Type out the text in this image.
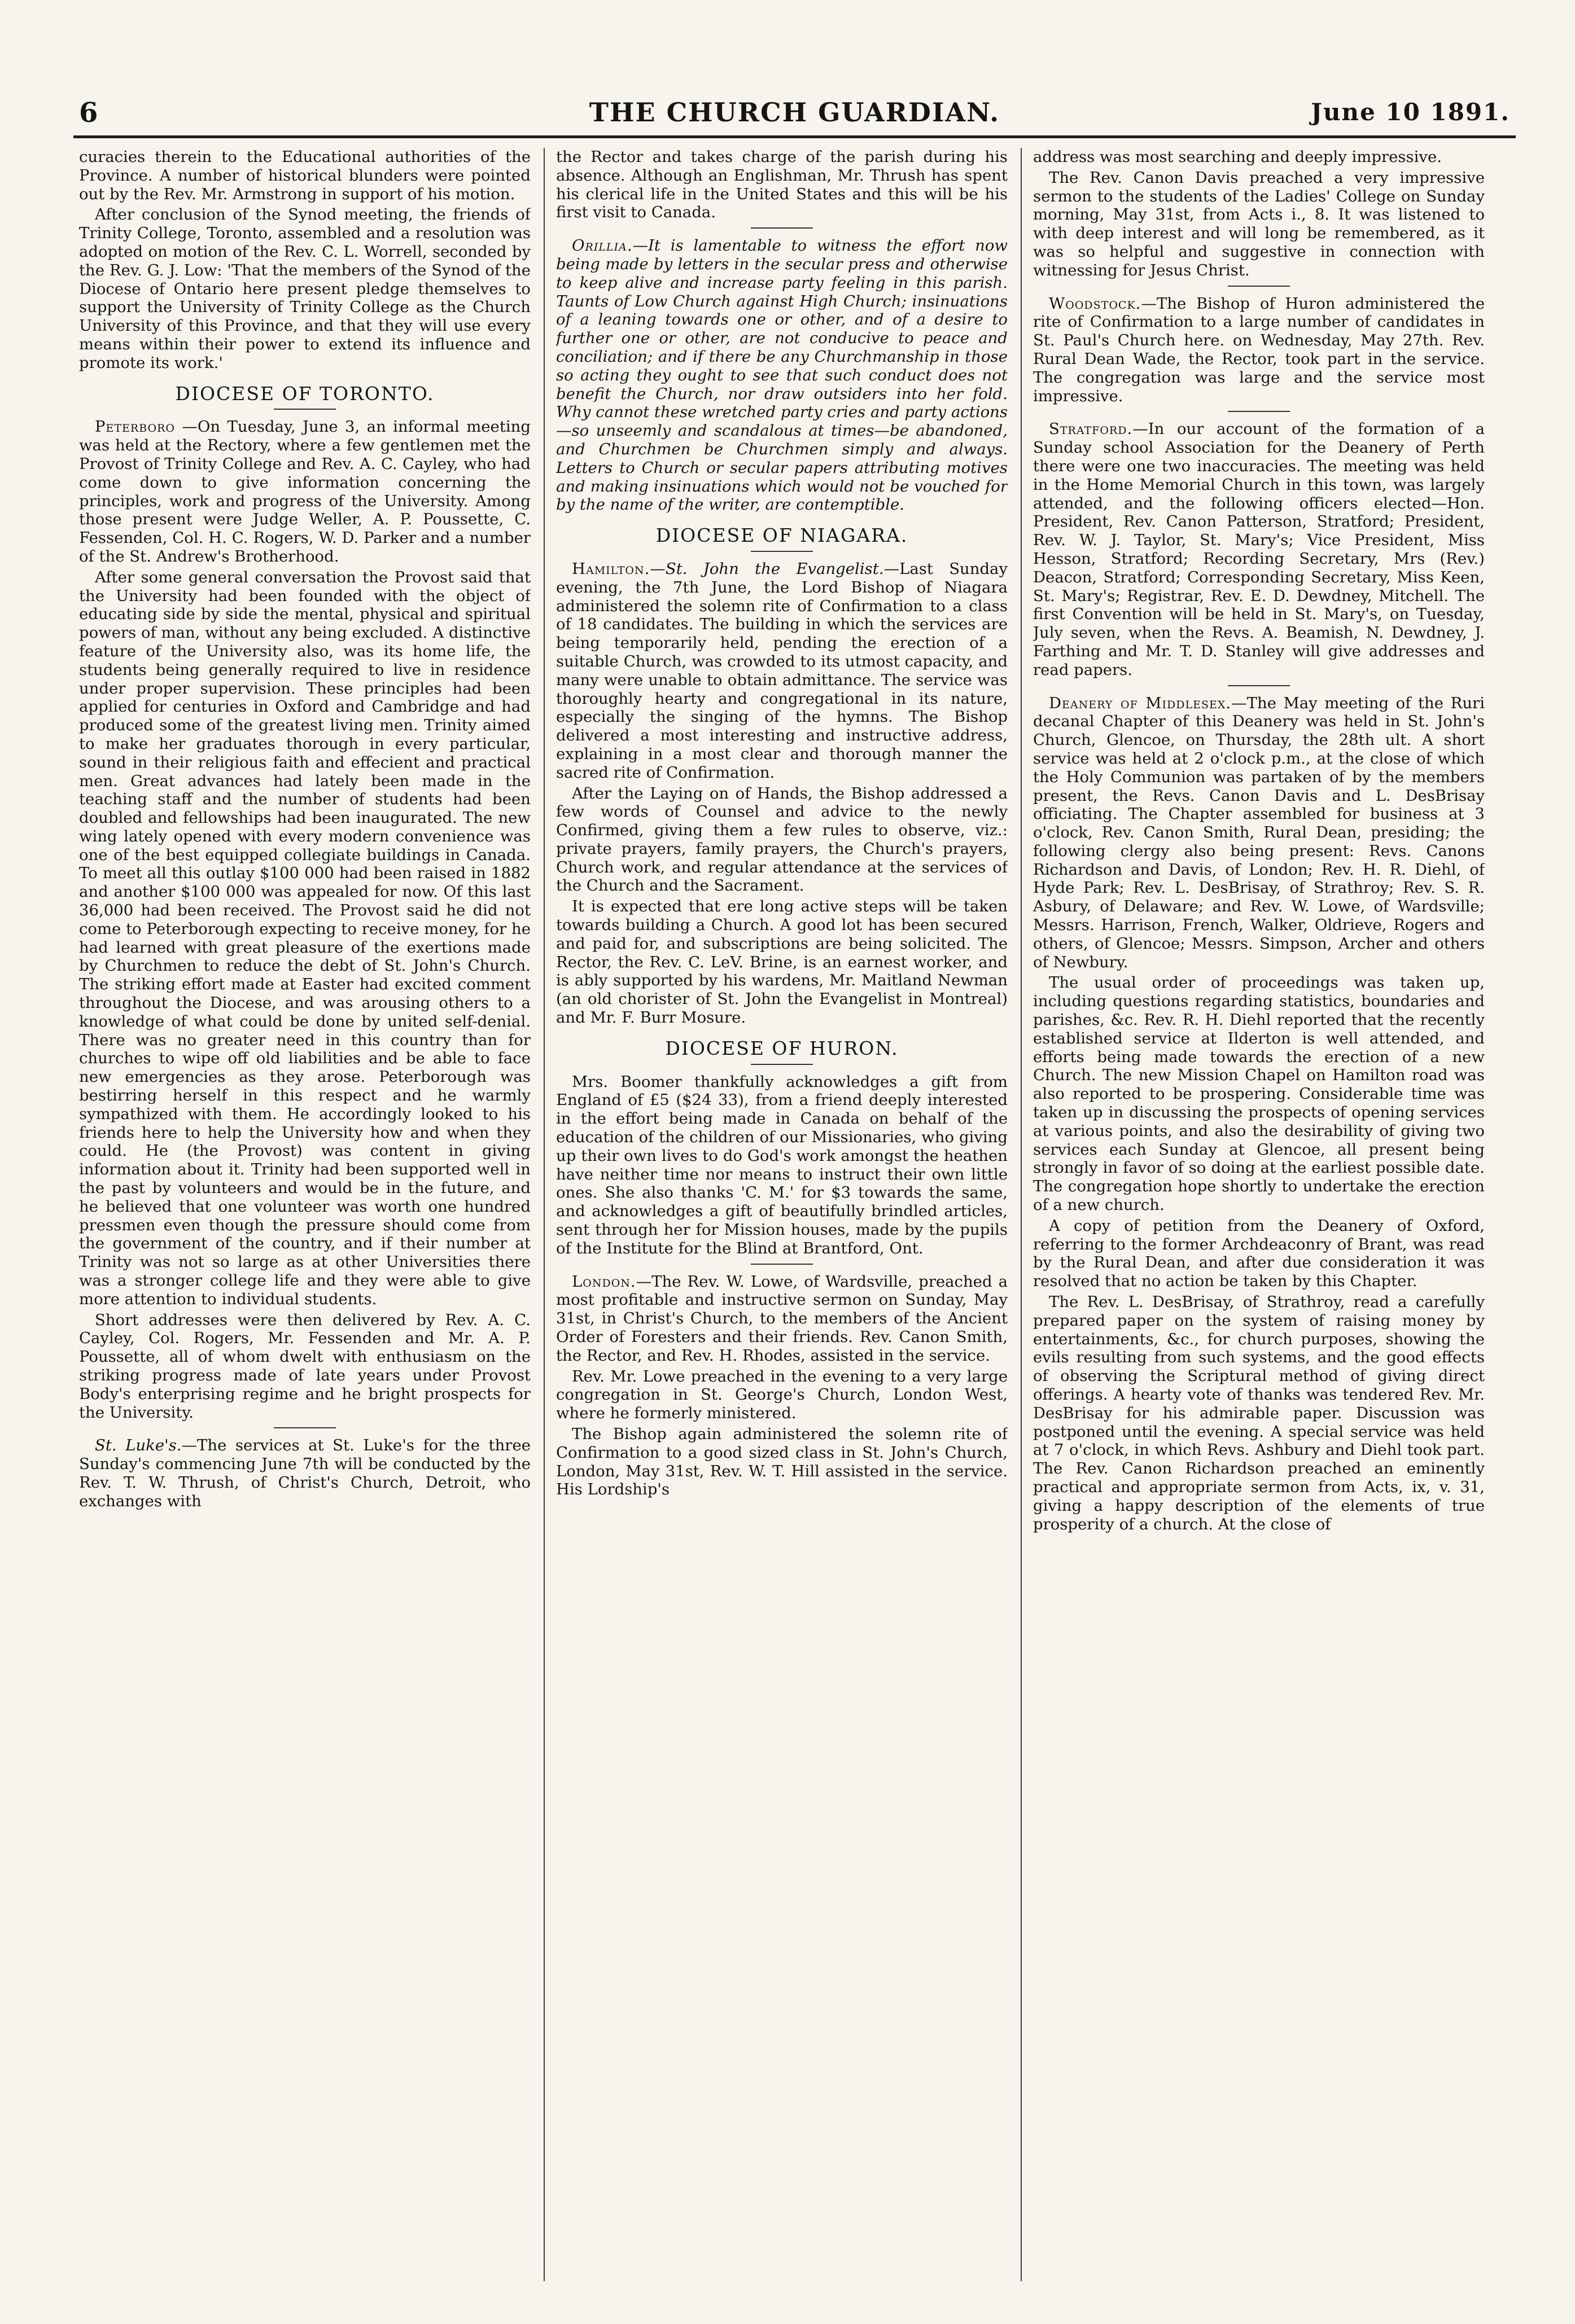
6	THE CHURCH GUARDIAN.	June 10 1891.

curacies therein to the Educational authorities of the Province. A number of historical blunders were pointed out by the Rev. Mr. Armstrong in support of his motion.

After conclusion of the Synod meeting, the friends of Trinity College, Toronto, assembled and a resolution was adopted on motion of the Rev. C. L. Worrell, seconded by the Rev. G. J. Low: 'That the members of the Synod of the Diocese of Ontario here present pledge themselves to support the University of Trinity College as the Church University of this Province, and that they will use every means within their power to extend its influence and promote its work.'

DIOCESE OF TORONTO.

Peterboro —On Tuesday, June 3, an informal meeting was held at the Rectory, where a few gentlemen met the Provost of Trinity College and Rev. A. C. Cayley, who had come down to give information concerning the principles, work and progress of the University. Among those present were Judge Weller, A. P. Poussette, C. Fessenden, Col. H. C. Rogers, W. D. Parker and a number of the St. Andrew's Brotherhood.

After some general conversation the Provost said that the University had been founded with the object of educating side by side the mental, physical and spiritual powers of man, without any being excluded. A distinctive feature of the University also, was its home life, the students being generally required to live in residence under proper supervision. These principles had been applied for centuries in Oxford and Cambridge and had produced some of the greatest living men. Trinity aimed to make her graduates thorough in every particular, sound in their religious faith and effecient and practical men. Great advances had lately been made in the teaching staff and the number of students had been doubled and fellowships had been inaugurated. The new wing lately opened with every modern convenience was one of the best equipped collegiate buildings in Canada. To meet all this outlay $100 000 had been raised in 1882 and another $100 000 was appealed for now. Of this last 36,000 had been received. The Provost said he did not come to Peterborough expecting to receive money, for he had learned with great pleasure of the exertions made by Churchmen to reduce the debt of St. John's Church. The striking effort made at Easter had excited comment throughout the Diocese, and was arousing others to a knowledge of what could be done by united self-denial. There was no greater need in this country than for churches to wipe off old liabilities and be able to face new emergencies as they arose. Peterborough was bestirring herself in this respect and he warmly sympathized with them. He accordingly looked to his friends here to help the University how and when they could. He (the Provost) was content in giving information about it. Trinity had been supported well in the past by volunteers and would be in the future, and he believed that one volunteer was worth one hundred pressmen even though the pressure should come from the government of the country, and if their number at Trinity was not so large as at other Universities there was a stronger college life and they were able to give more attention to individual students.

Short addresses were then delivered by Rev. A. C. Cayley, Col. Rogers, Mr. Fessenden and Mr. A. P. Poussette, all of whom dwelt with enthusiasm on the striking progress made of late years under Provost Body's enterprising regime and he bright prospects for the University.

St. Luke's.—The services at St. Luke's for the three Sunday's commencing June 7th will be conducted by the Rev. T. W. Thrush, of Christ's Church, Detroit, who exchanges with

the Rector and takes charge of the parish during his absence. Although an Englishman, Mr. Thrush has spent his clerical life in the United States and this will be his first visit to Canada.

Orillia.—It is lamentable to witness the effort now being made by letters in the secular press and otherwise to keep alive and increase party feeling in this parish. Taunts of Low Church against High Church; insinuations of a leaning towards one or other, and of a desire to further one or other, are not conducive to peace and conciliation; and if there be any Churchmanship in those so acting they ought to see that such conduct does not benefit the Church, nor draw outsiders into her fold. Why cannot these wretched party cries and party actions—so unseemly and scandalous at times—be abandoned, and Churchmen be Churchmen simply and always. Letters to Church or secular papers attributing motives and making insinuations which would not be vouched for by the name of the writer, are contemptible.

DIOCESE OF NIAGARA.

Hamilton.—St. John the Evangelist.—Last Sunday evening, the 7th June, the Lord Bishop of Niagara administered the solemn rite of Confirmation to a class of 18 candidates. The building in which the services are being temporarily held, pending the erection of a suitable Church, was crowded to its utmost capacity, and many were unable to obtain admittance. The service was thoroughly hearty and congregational in its nature, especially the singing of the hymns. The Bishop delivered a most interesting and instructive address, explaining in a most clear and thorough manner the sacred rite of Confirmation.

After the Laying on of Hands, the Bishop addressed a few words of Counsel and advice to the newly Confirmed, giving them a few rules to observe, viz.: private prayers, family prayers, the Church's prayers, Church work, and regular attendance at the services of the Church and the Sacrament.

It is expected that ere long active steps will be taken towards building a Church. A good lot has been secured and paid for, and subscriptions are being solicited. The Rector, the Rev. C. LeV. Brine, is an earnest worker, and is ably supported by his wardens, Mr. Maitland Newman (an old chorister of St. John the Evangelist in Montreal) and Mr. F. Burr Mosure.

DIOCESE OF HURON.

Mrs. Boomer thankfully acknowledges a gift from England of £5 ($24 33), from a friend deeply interested in the effort being made in Canada on behalf of the education of the children of our Missionaries, who giving up their own lives to do God's work amongst the heathen have neither time nor means to instruct their own little ones. She also thanks 'C. M.' for $3 towards the same, and acknowledges a gift of beautifully brindled articles, sent through her for Mission houses, made by the pupils of the Institute for the Blind at Brantford, Ont.

London.—The Rev. W. Lowe, of Wardsville, preached a most profitable and instructive sermon on Sunday, May 31st, in Christ's Church, to the members of the Ancient Order of Foresters and their friends. Rev. Canon Smith, the Rector, and Rev. H. Rhodes, assisted in the service.

Rev. Mr. Lowe preached in the evening to a very large congregation in St. George's Church, London West, where he formerly ministered.

The Bishop again administered the solemn rite of Confirmation to a good sized class in St. John's Church, London, May 31st, Rev. W. T. Hill assisted in the service. His Lordship's

address was most searching and deeply impressive.

The Rev. Canon Davis preached a very impressive sermon to the students of the Ladies' College on Sunday morning, May 31st, from Acts i., 8. It was listened to with deep interest and will long be remembered, as it was so helpful and suggestive in connection with witnessing for Jesus Christ.

Woodstock.—The Bishop of Huron administered the rite of Confirmation to a large number of candidates in St. Paul's Church here. on Wednesday, May 27th. Rev. Rural Dean Wade, the Rector, took part in the service. The congregation was large and the service most impressive.

Stratford.—In our account of the formation of a Sunday school Association for the Deanery of Perth there were one two inaccuracies. The meeting was held in the Home Memorial Church in this town, was largely attended, and the following officers elected—Hon. President, Rev. Canon Patterson, Stratford; President, Rev. W. J. Taylor, St. Mary's; Vice President, Miss Hesson, Stratford; Recording Secretary, Mrs (Rev.) Deacon, Stratford; Corresponding Secretary, Miss Keen, St. Mary's; Registrar, Rev. E. D. Dewdney, Mitchell. The first Convention will be held in St. Mary's, on Tuesday, July seven, when the Revs. A. Beamish, N. Dewdney, J. Farthing and Mr. T. D. Stanley will give addresses and read papers.

Deanery of Middlesex.—The May meeting of the Ruri decanal Chapter of this Deanery was held in St. John's Church, Glencoe, on Thursday, the 28th ult. A short service was held at 2 o'clock p.m., at the close of which the Holy Communion was partaken of by the members present, the Revs. Canon Davis and L. DesBrisay officiating. The Chapter assembled for business at 3 o'clock, Rev. Canon Smith, Rural Dean, presiding; the following clergy also being present: Revs. Canons Richardson and Davis, of London; Rev. H. R. Diehl, of Hyde Park; Rev. L. DesBrisay, of Strathroy; Rev. S. R. Asbury, of Delaware; and Rev. W. Lowe, of Wardsville; Messrs. Harrison, French, Walker, Oldrieve, Rogers and others, of Glencoe; Messrs. Simpson, Archer and others of Newbury.

The usual order of proceedings was taken up, including questions regarding statistics, boundaries and parishes, &c. Rev. R. H. Diehl reported that the recently established service at Ilderton is well attended, and efforts being made towards the erection of a new Church. The new Mission Chapel on Hamilton road was also reported to be prospering. Considerable time was taken up in discussing the prospects of opening services at various points, and also the desirability of giving two services each Sunday at Glencoe, all present being strongly in favor of so doing at the earliest possible date. The congregation hope shortly to undertake the erection of a new church.

A copy of petition from the Deanery of Oxford, referring to the former Archdeaconry of Brant, was read by the Rural Dean, and after due consideration it was resolved that no action be taken by this Chapter.

The Rev. L. DesBrisay, of Strathroy, read a carefully prepared paper on the system of raising money by entertainments, &c., for church purposes, showing the evils resulting from such systems, and the good effects of observing the Scriptural method of giving direct offerings. A hearty vote of thanks was tendered Rev. Mr. DesBrisay for his admirable paper. Discussion was postponed until the evening. A special service was held at 7 o'clock, in which Revs. Ashbury and Diehl took part. The Rev. Canon Richardson preached an eminently practical and appropriate sermon from Acts, ix, v. 31, giving a happy description of the elements of true prosperity of a church. At the close of
